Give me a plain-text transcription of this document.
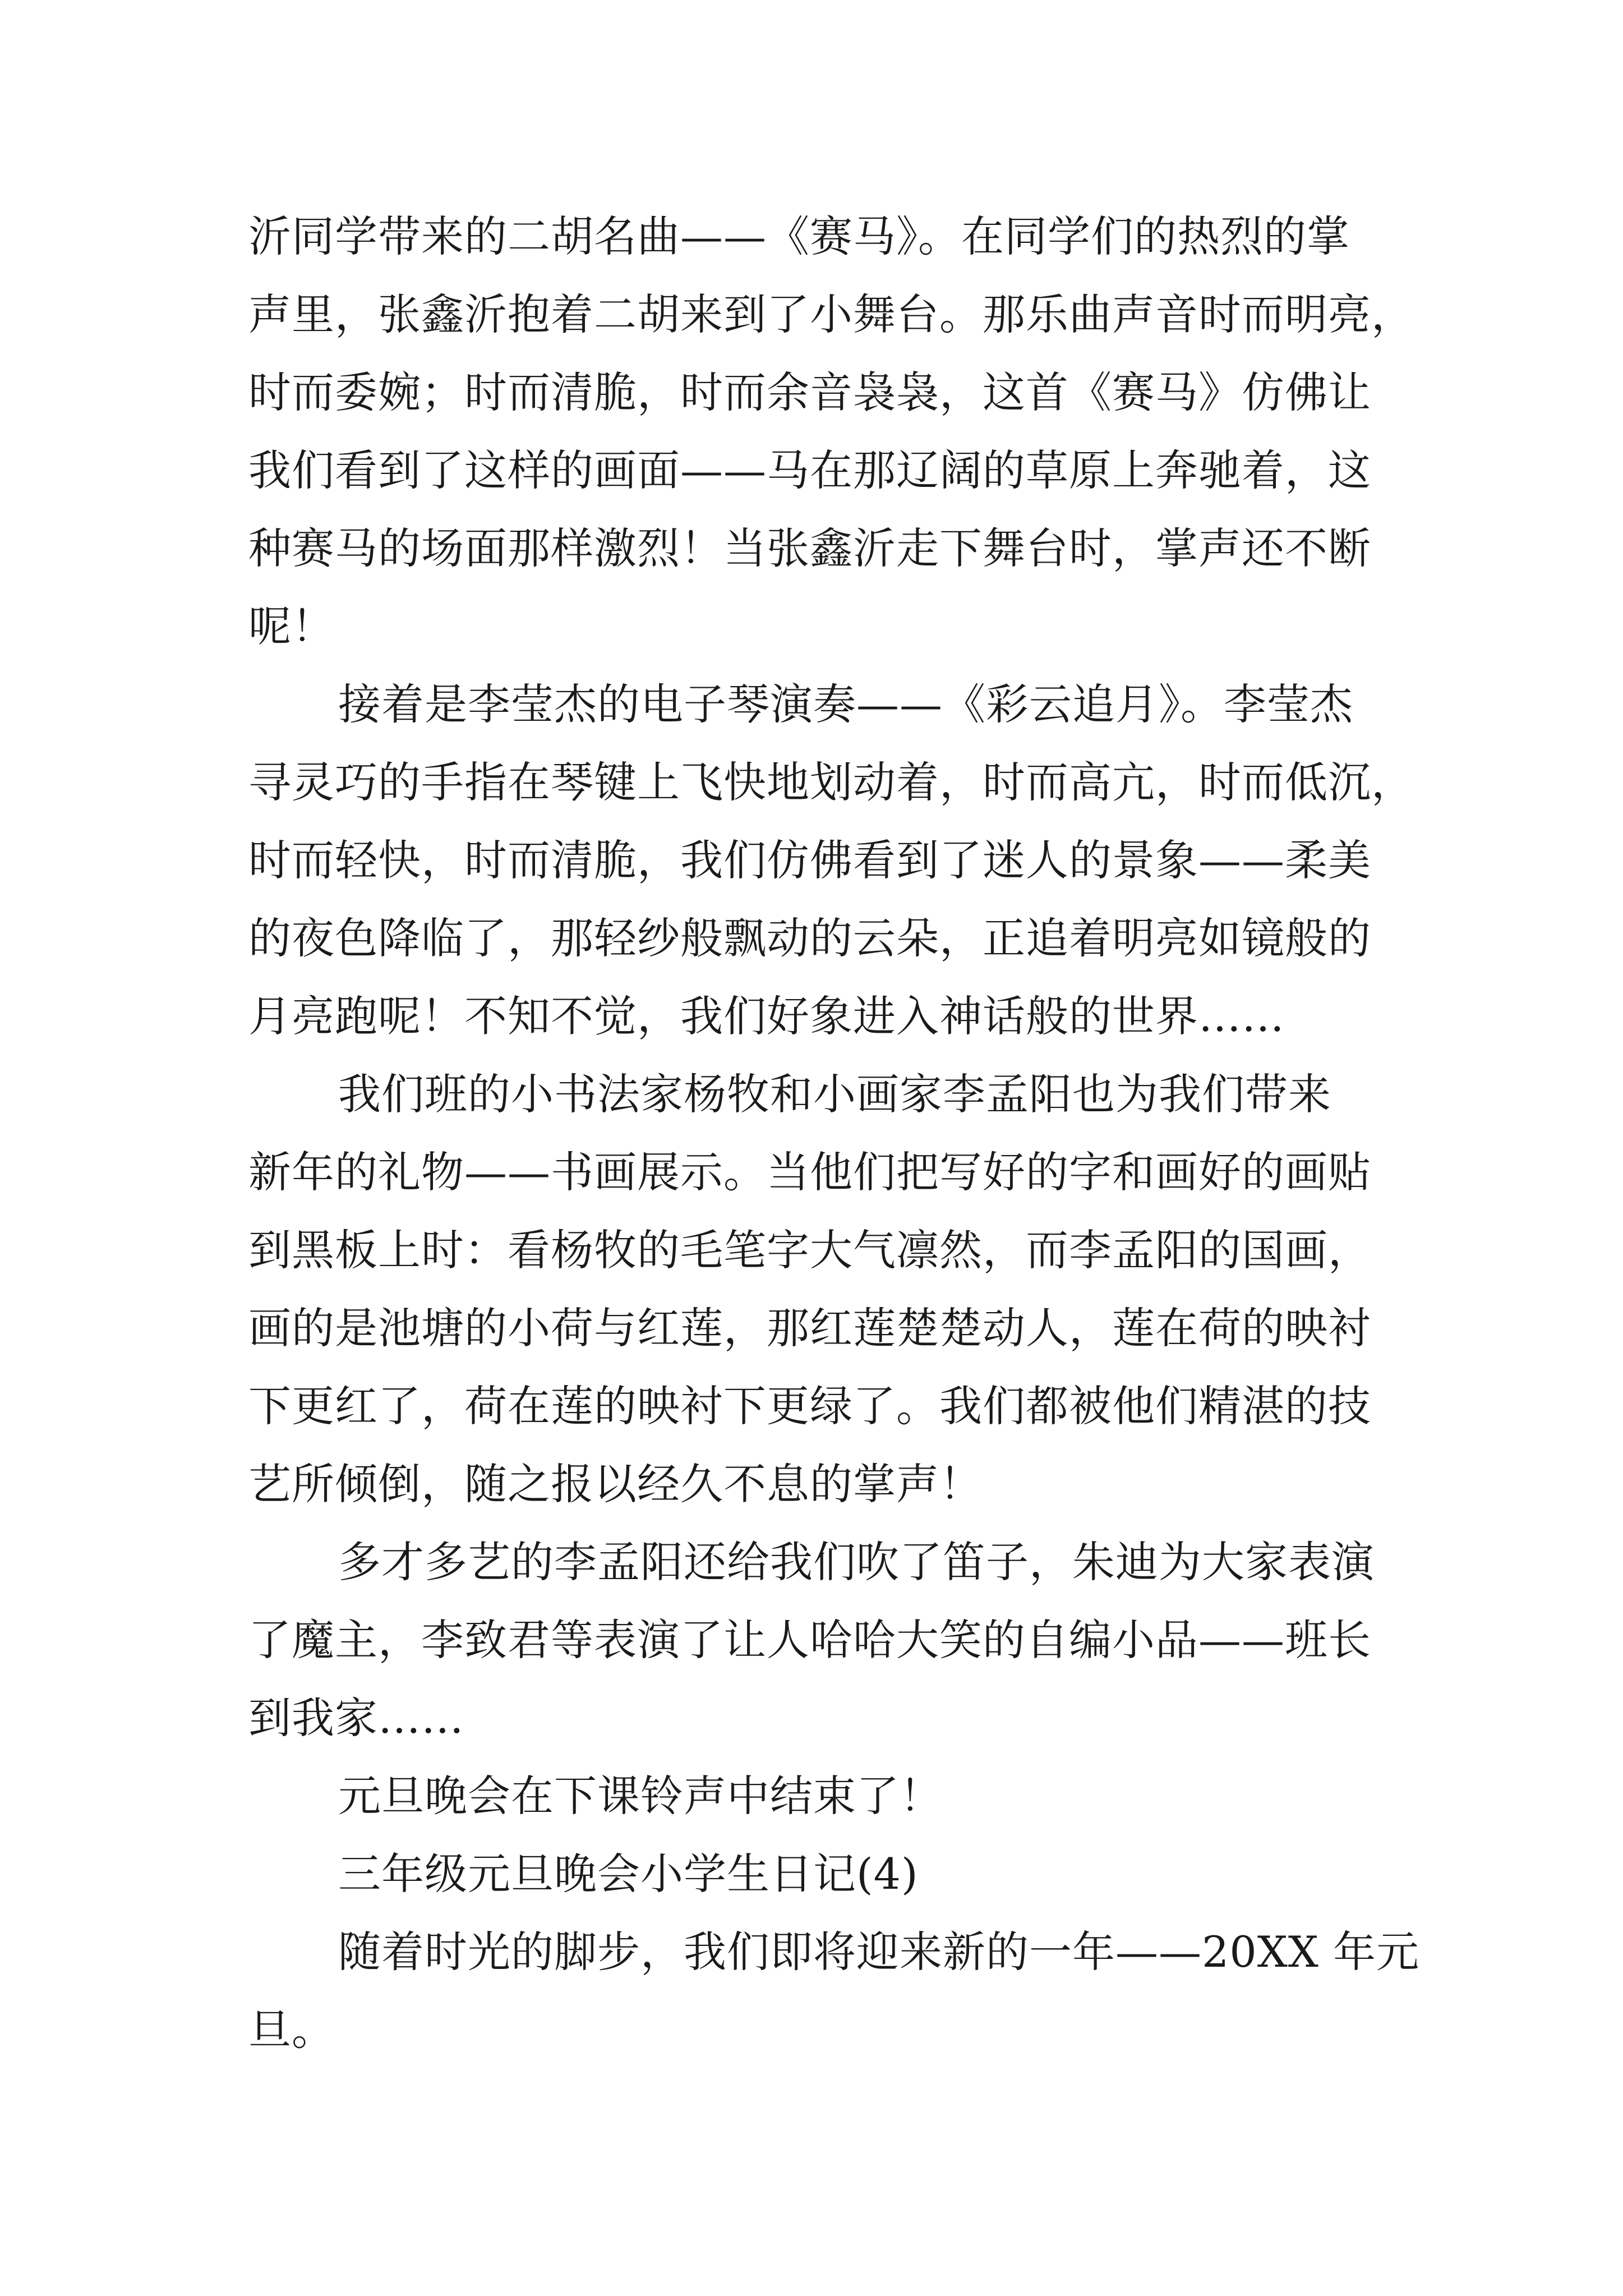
沂同学带来的二胡名曲——《赛马》。在同学们的热烈的掌
声里，张鑫沂抱着二胡来到了小舞台。那乐曲声音时而明亮，
时而委婉；时而清脆，时而余音袅袅，这首《赛马》仿佛让
我们看到了这样的画面——马在那辽阔的草原上奔驰着，这
种赛马的场面那样激烈！当张鑫沂走下舞台时，掌声还不断
呢！
接着是李莹杰的电子琴演奏——《彩云追月》。李莹杰
寻灵巧的手指在琴键上飞快地划动着，时而高亢，时而低沉，
时而轻快，时而清脆，我们仿佛看到了迷人的景象——柔美
的夜色降临了，那轻纱般飘动的云朵，正追着明亮如镜般的
月亮跑呢！不知不觉，我们好象进入神话般的世界……
我们班的小书法家杨牧和小画家李孟阳也为我们带来
新年的礼物——书画展示。当他们把写好的字和画好的画贴
到黑板上时：看杨牧的毛笔字大气凛然，而李孟阳的国画，
画的是池塘的小荷与红莲，那红莲楚楚动人，莲在荷的映衬
下更红了，荷在莲的映衬下更绿了。我们都被他们精湛的技
艺所倾倒，随之报以经久不息的掌声！
多才多艺的李孟阳还给我们吹了笛子，朱迪为大家表演
了魔主，李致君等表演了让人哈哈大笑的自编小品——班长
到我家……
元旦晚会在下课铃声中结束了！
三年级元旦晚会小学生日记(4)
随着时光的脚步，我们即将迎来新的一年——20XX 年元
旦。
